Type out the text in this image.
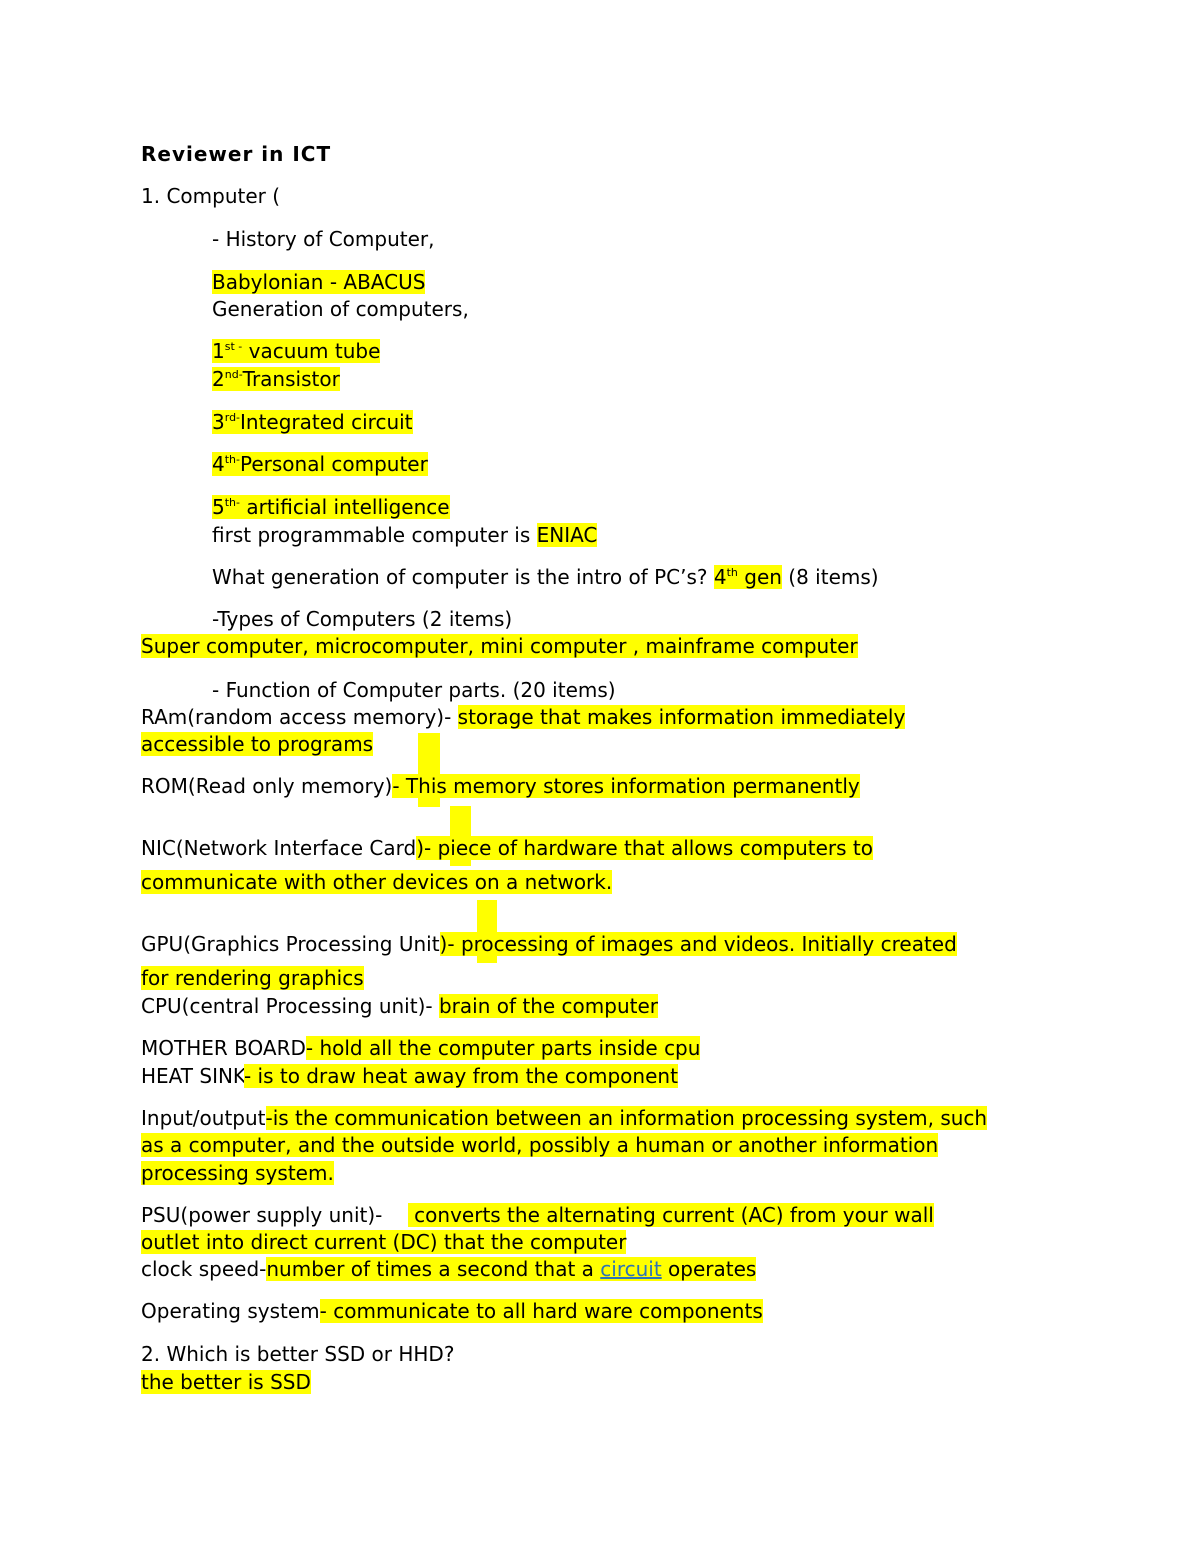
Reviewer in ICT

1. Computer (

- History of Computer,

Babylonian - ABACUS

Generation of computers,

$1^{st -}$ vacuum tube

$2^{nd-}Transistor$

$3^{rd-}Integrated$ circuit

$4^{th-}Personal$ computer

$5^{th-}$ artificial intelligence

first programmable computer is ENIAC

What generation of computer is the intro of PC’s? 4th gen (8 items)

-Types of Computers (2 items)

Super computer, microcomputer, mini computer , mainframe computer

- Function of Computer parts. (20 items)

RAm(random access memory)- storage that makes information immediately

accessible to programs

ROM(Read only memory)- This memory stores information permanently

NIC(Network Interface Card)- piece of hardware that allows computers to

communicate with other devices on a network.

GPU(Graphics Processing Unit)- processing of images and videos. Initially created

for rendering graphics

CPU(central Processing unit)- brain of the computer

MOTHER BOARD- hold all the computer parts inside cpu

HEAT SINK- is to draw heat away from the component

Input/output-is the communication between an information processing system, such

as a computer, and the outside world, possibly a human or another information

processing system.

PSU(power supply unit)-     converts the alternating current (AC) from your wall

outlet into direct current (DC) that the computer

clock speed-number of times a second that a circuit operates

Operating system- communicate to all hard ware components

2. Which is better SSD or HHD?

the better is SSD
